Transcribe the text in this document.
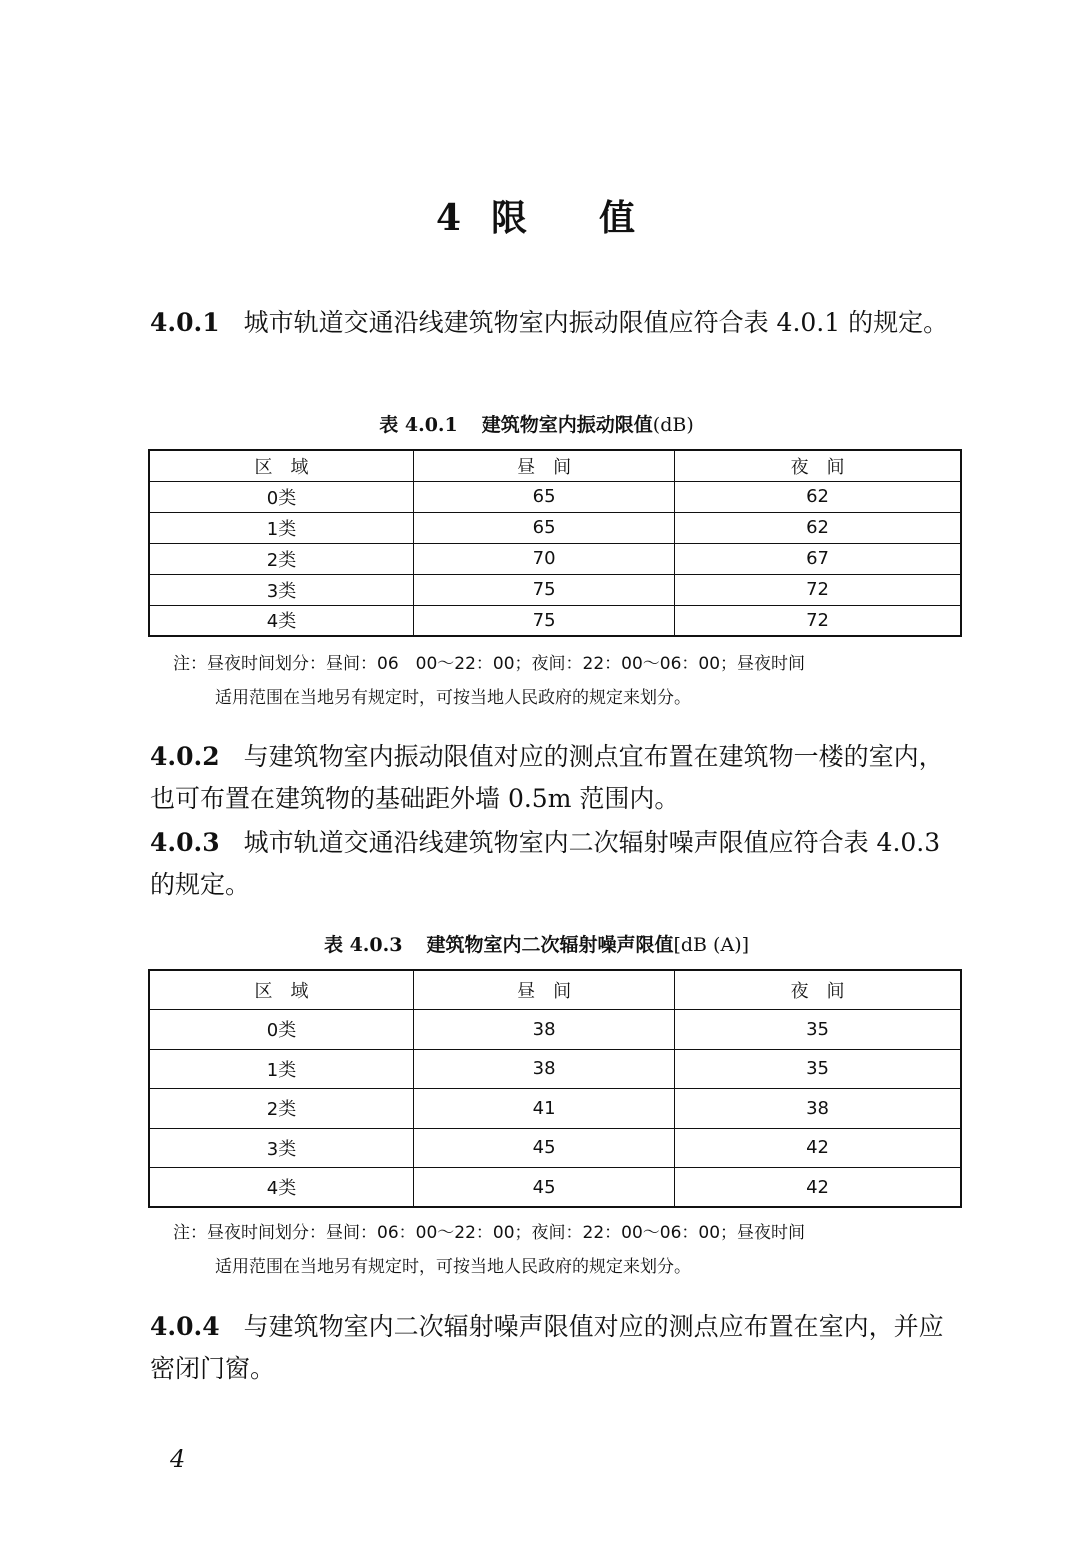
4 限 值
4.0.1 城市轨道交通沿线建筑物室内振动限值应符合表 4.0.1 的规定。
表 4.0.1 建筑物室内振动限值(dB)
区　域	昼　间	夜　间
0类	65	62
1类	65	62
2类	70	67
3类	75	72
4类	75	72
注：昼夜时间划分：昼间：06　00～22：00；夜间：22：00～06：00；昼夜时间
适用范围在当地另有规定时，可按当地人民政府的规定来划分。
4.0.2 与建筑物室内振动限值对应的测点宜布置在建筑物一楼的室内，也可布置在建筑物的基础距外墙 0.5m 范围内。
4.0.3 城市轨道交通沿线建筑物室内二次辐射噪声限值应符合表 4.0.3 的规定。
表 4.0.3 建筑物室内二次辐射噪声限值[dB (A)]
区　域	昼　间	夜　间
0类	38	35
1类	38	35
2类	41	38
3类	45	42
4类	45	42
注：昼夜时间划分：昼间：06：00～22：00；夜间：22：00～06：00；昼夜时间
适用范围在当地另有规定时，可按当地人民政府的规定来划分。
4.0.4 与建筑物室内二次辐射噪声限值对应的测点应布置在室内，并应密闭门窗。
4
